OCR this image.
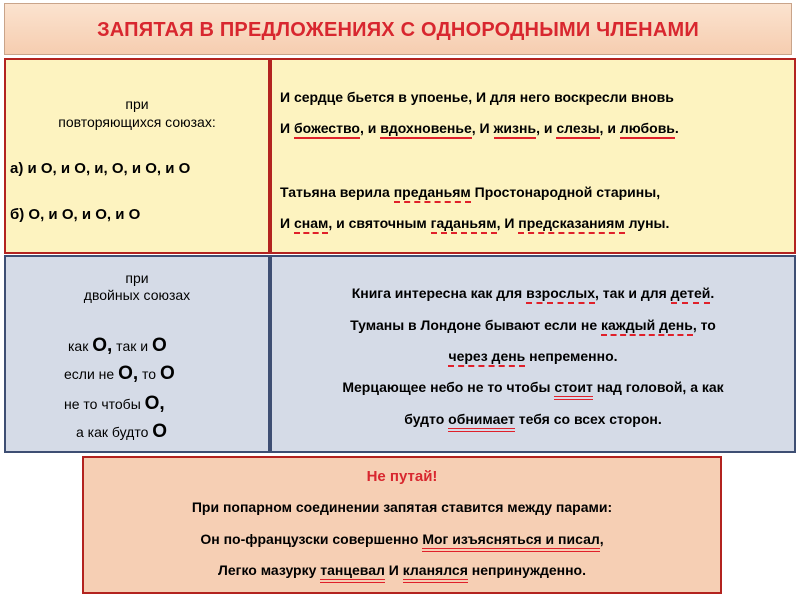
ЗАПЯТАЯ В ПРЕДЛОЖЕНИЯХ С ОДНОРОДНЫМИ ЧЛЕНАМИ
при
повторяющихся союзах:
а) и О, и О, и, О, и О, и О
б) О, и О, и О, и О
И сердце бьется в упоенье, И для него воскресли вновь
И божество, и вдохновенье, И жизнь, и слезы, и любовь.
Татьяна верила преданьям Простонародной старины,
И снам, и святочным гаданьям, И предсказаниям луны.
при
двойных союзах
как О, так и О
если не О, то О
не то чтобы О,
а как будто О
Книга интересна как для взрослых, так и для детей.
Туманы в Лондоне бывают если не каждый день, то
через день непременно.
Мерцающее небо не то чтобы стоит над головой, а как
будто обнимает тебя со всех сторон.
Не путай!
При попарном соединении запятая ставится между парами:
Он по-французски совершенно Мог изъясняться и писал,
Легко мазурку танцевал И кланялся непринужденно.
